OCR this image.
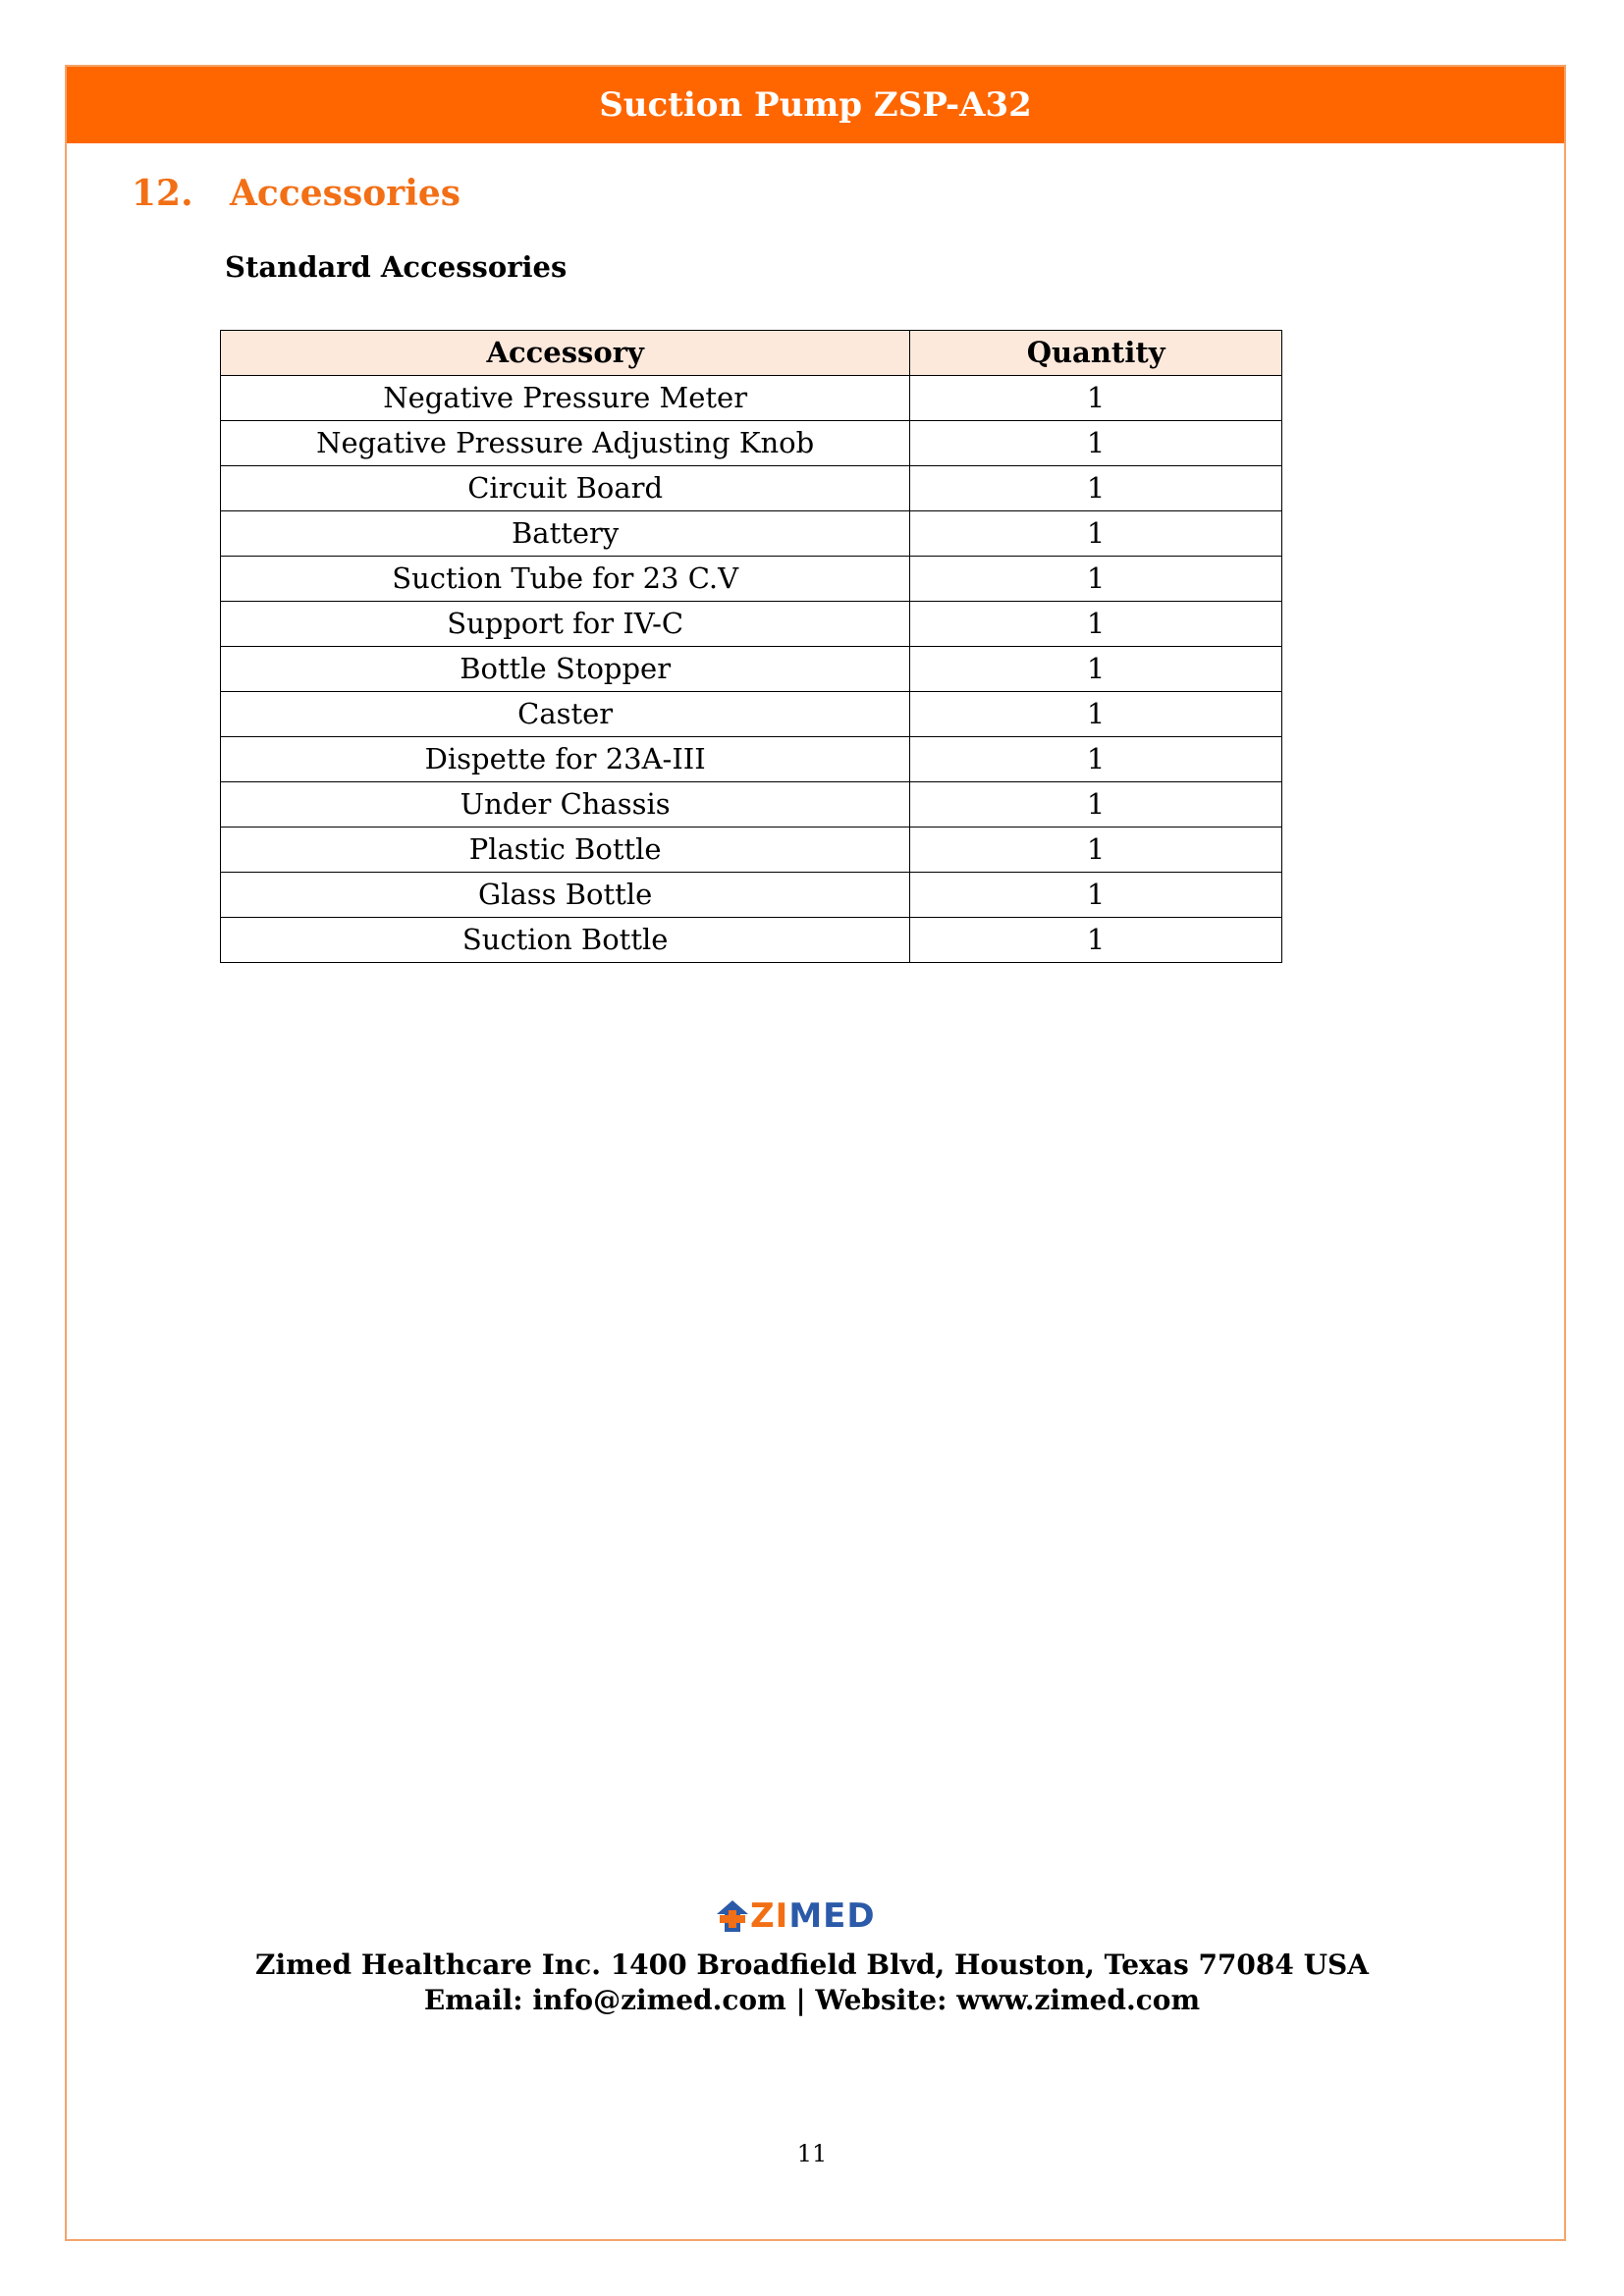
Suction Pump ZSP-A32
12. Accessories
Standard Accessories
Accessory	Quantity
Negative Pressure Meter	1
Negative Pressure Adjusting Knob	1
Circuit Board	1
Battery	1
Suction Tube for 23 C.V	1
Support for IV-C	1
Bottle Stopper	1
Caster	1
Dispette for 23A-III	1
Under Chassis	1
Plastic Bottle	1
Glass Bottle	1
Suction Bottle	1
ZIMED
Zimed Healthcare Inc. 1400 Broadfield Blvd, Houston, Texas 77084 USA
Email: info@zimed.com | Website: www.zimed.com
11
